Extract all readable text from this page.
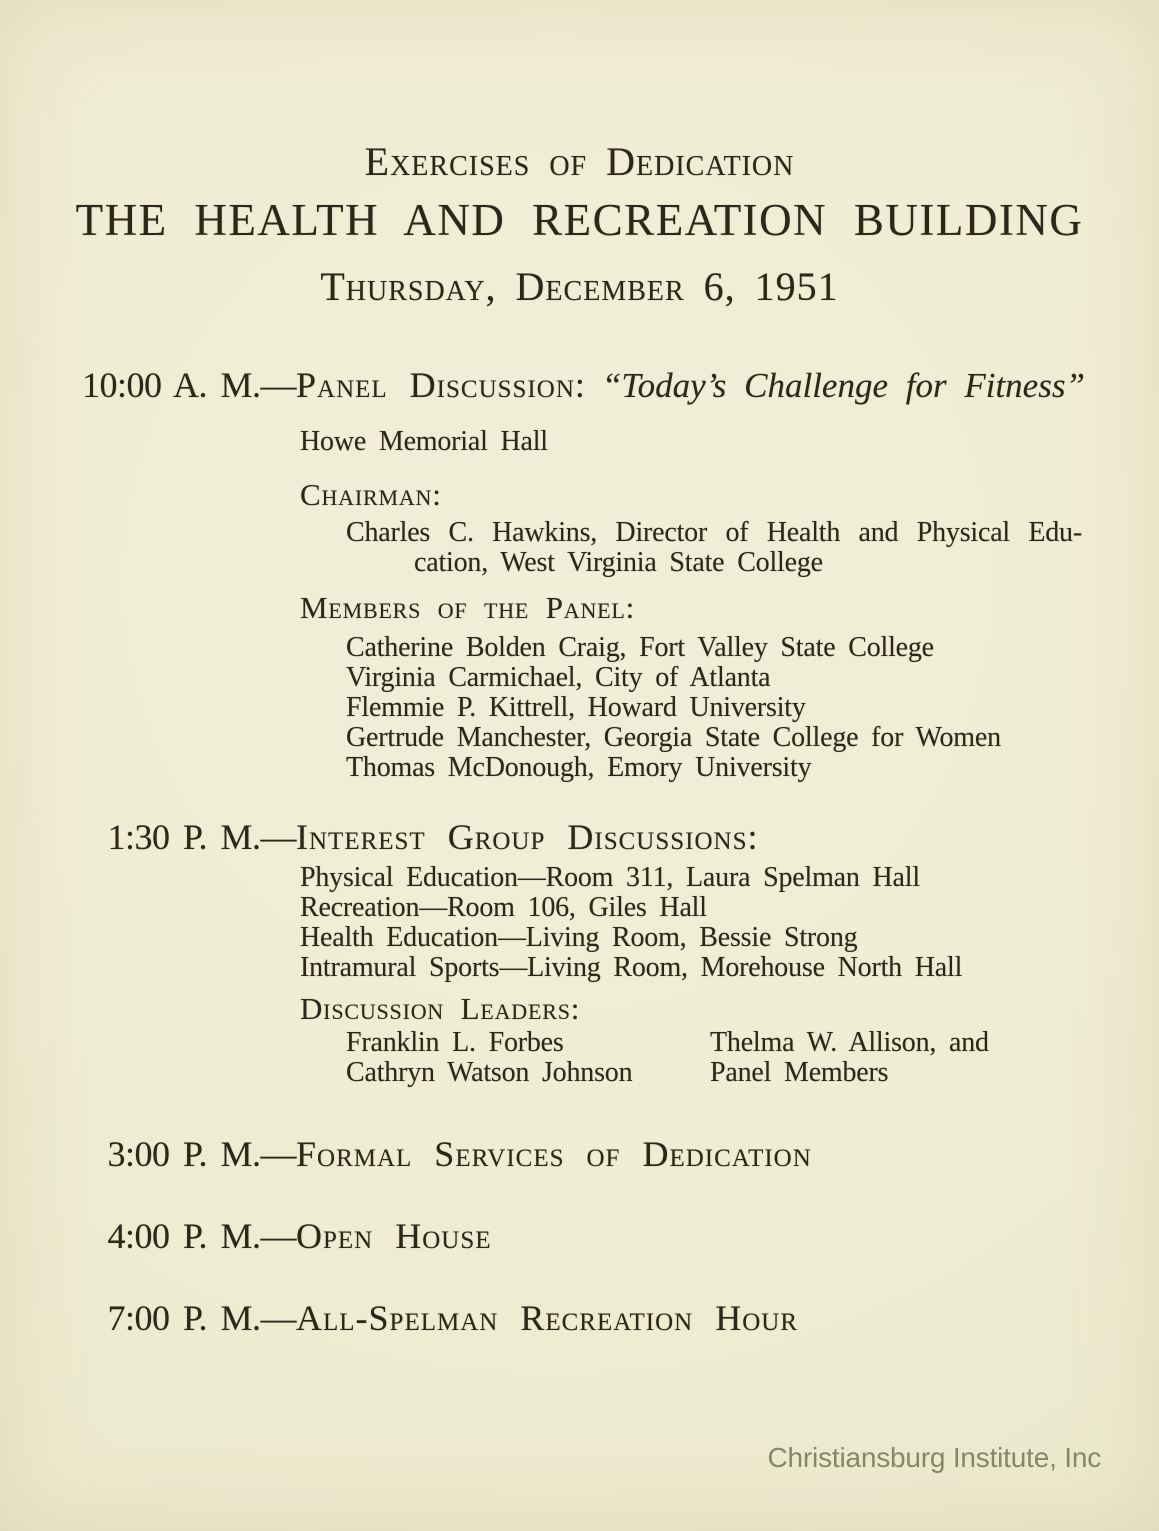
Exercises of Dedication
THE HEALTH AND RECREATION BUILDING
Thursday, December 6, 1951
10:00 A. M.— Panel Discussion: “Today’s Challenge for Fitness”
Howe Memorial Hall
Chairman:
Charles C. Hawkins, Director of Health and Physical Edu-
cation, West Virginia State College
Members of the Panel:
Catherine Bolden Craig, Fort Valley State College
Virginia Carmichael, City of Atlanta
Flemmie P. Kittrell, Howard University
Gertrude Manchester, Georgia State College for Women
Thomas McDonough, Emory University
1:30 P. M.— Interest Group Discussions:
Physical Education—Room 311, Laura Spelman Hall
Recreation—Room 106, Giles Hall
Health Education—Living Room, Bessie Strong
Intramural Sports—Living Room, Morehouse North Hall
Discussion Leaders:
Franklin L. Forbes
Cathryn Watson Johnson
Thelma W. Allison, and
Panel Members
3:00 P. M.— Formal Services of Dedication
4:00 P. M.— Open House
7:00 P. M.— All-Spelman Recreation Hour
Christiansburg Institute, Inc
